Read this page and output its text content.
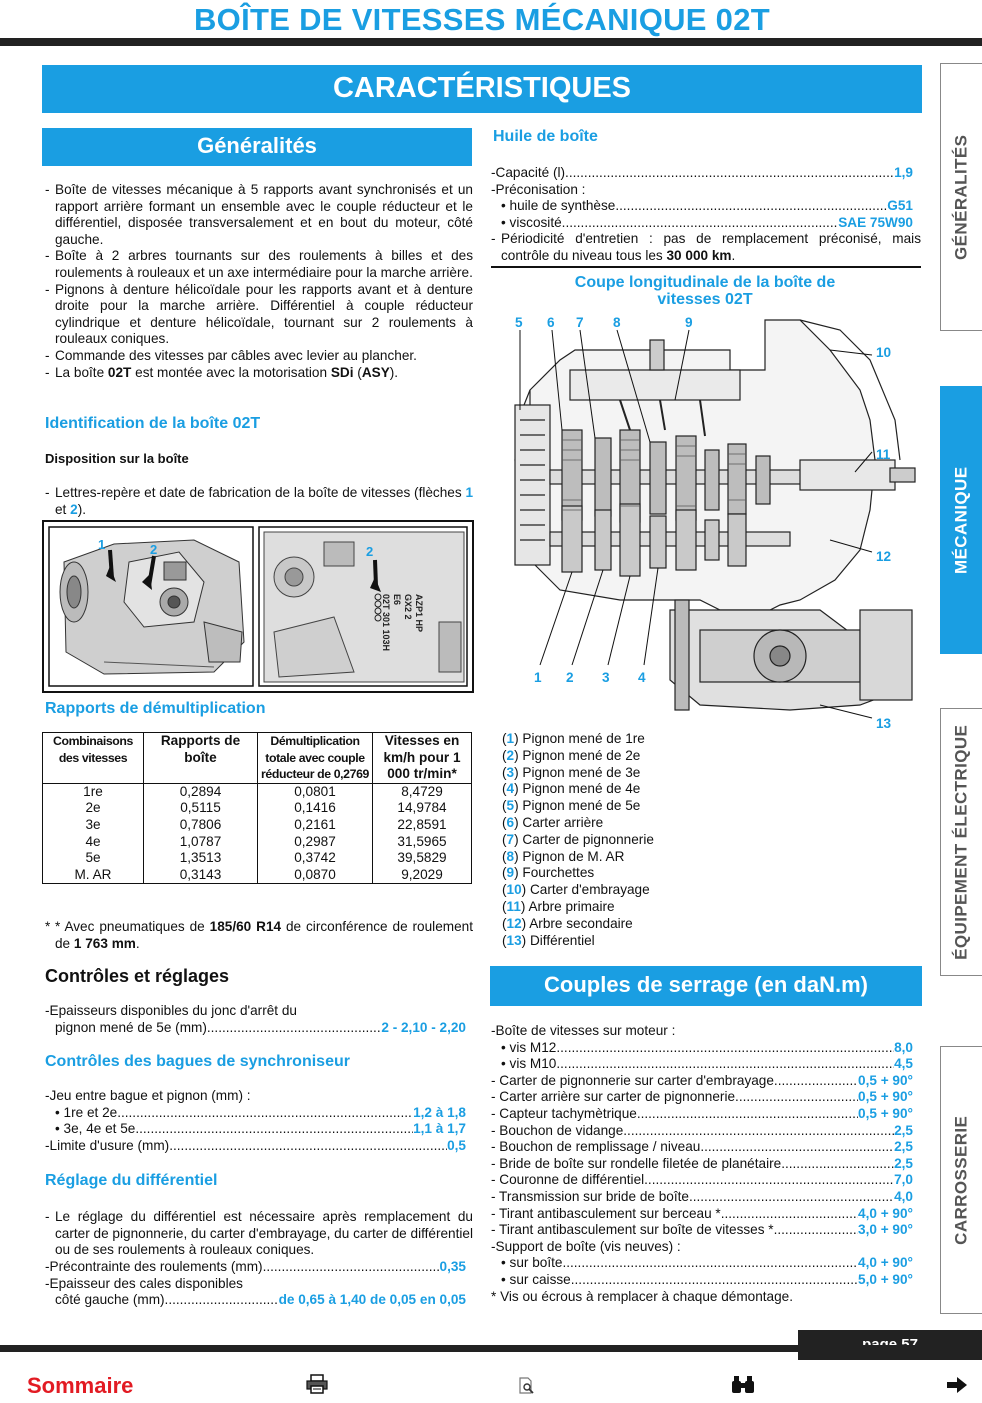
BOÎTE DE VITESSES MÉCANIQUE 02T
CARACTÉRISTIQUES
GÉNÉRALITÉS
MÉCANIQUE
ÉQUIPEMENT ÉLECTRIQUE
CARROSSERIE
Généralités
- Boîte de vitesses mécanique à 5 rapports avant synchronisés et un rapport arrière formant un ensemble avec le couple réducteur et le différentiel, disposée transversalement et en bout du moteur, côté gauche.
- Boîte à 2 arbres tournants sur des roulements à billes et des roulements à rouleaux et un axe intermédiaire pour la marche arrière.
- Pignons à denture hélicoïdale pour les rapports avant et à denture droite pour la marche arrière. Différentiel à couple réducteur cylindrique et denture hélicoïdale, tournant sur 2 roulements à rouleaux coniques.
- Commande des vitesses par câbles avec levier au plancher.
- La boîte 02T est montée avec la motorisation SDi (ASY).
Identification de la boîte 02T
Disposition sur la boîte
- Lettres-repère et date de fabrication de la boîte de vitesses (flèches 1 et 2).
1	2	2
AZP1 HP
GX2 2
E6
02T 301 103H
Rapports de démultiplication
Combinaisons des vitesses	Rapports de boîte	Démultiplication totale avec couple réducteur de 0,2769	Vitesses en km/h pour 1 000 tr/min*
1re	0,2894	0,0801	8,4729
2e	0,5115	0,1416	14,9784
3e	0,7806	0,2161	22,8591
4e	1,0787	0,2987	31,5965
5e	1,3513	0,3742	39,5829
M. AR	0,3143	0,0870	9,2029
* * Avec pneumatiques de 185/60 R14 de circonférence de roulement de 1 763 mm.
Contrôles et réglages
- Epaisseurs disponibles du jonc d'arrêt du
pignon mené de 5e (mm) .....	2 - 2,10 - 2,20
Contrôles des bagues de synchroniseur
- Jeu entre bague et pignon (mm) :
• 1re et 2e .....	1,2 à 1,8
• 3e, 4e et 5e .....	1,1 à 1,7
- Limite d'usure (mm) .....	0,5
Réglage du différentiel
- Le réglage du différentiel est nécessaire après remplacement du carter de pignonnerie, du carter d'embrayage, du carter de différentiel ou de ses roulements à rouleaux coniques.
- Précontrainte des roulements (mm) .....	0,35
- Epaisseur des cales disponibles
côté gauche (mm) .....	de 0,65 à 1,40 de 0,05 en 0,05
Huile de boîte
- Capacité (l) .....	1,9
- Préconisation :
• huile de synthèse .....	G51
• viscosité .....	SAE 75W90
- Périodicité d'entretien : pas de remplacement préconisé, mais contrôle du niveau tous les 30 000 km.
Coupe longitudinale de la boîte de vitesses 02T
5 6 7 8	9
10
11
12
13
1 2 3 4
(1) Pignon mené de 1re
(2) Pignon mené de 2e
(3) Pignon mené de 3e
(4) Pignon mené de 4e
(5) Pignon mené de 5e
(6) Carter arrière
(7) Carter de pignonnerie
(8) Pignon de M. AR
(9) Fourchettes
(10) Carter d'embrayage
(11) Arbre primaire
(12) Arbre secondaire
(13) Différentiel
Couples de serrage (en daN.m)
- Boîte de vitesses sur moteur :
• vis M12 .....	8,0
• vis M10 .....	4,5
- Carter de pignonnerie sur carter d'embrayage .....	0,5 + 90°
- Carter arrière sur carter de pignonnerie .....	0,5 + 90°
- Capteur tachymètrique .....	0,5 + 90°
- Bouchon de vidange .....	2,5
- Bouchon de remplissage / niveau .....	2,5
- Bride de boîte sur rondelle filetée de planétaire .....	2,5
- Couronne de différentiel .....	7,0
- Transmission sur bride de boîte .....	4,0
- Tirant antibasculement sur berceau * .....	4,0 + 90°
- Tirant antibasculement sur boîte de vitesses * .....	3,0 + 90°
- Support de boîte (vis neuves) :
• sur boîte .....	4,0 + 90°
• sur caisse .....	5,0 + 90°
* Vis ou écrous à remplacer à chaque démontage.
Sommaire
